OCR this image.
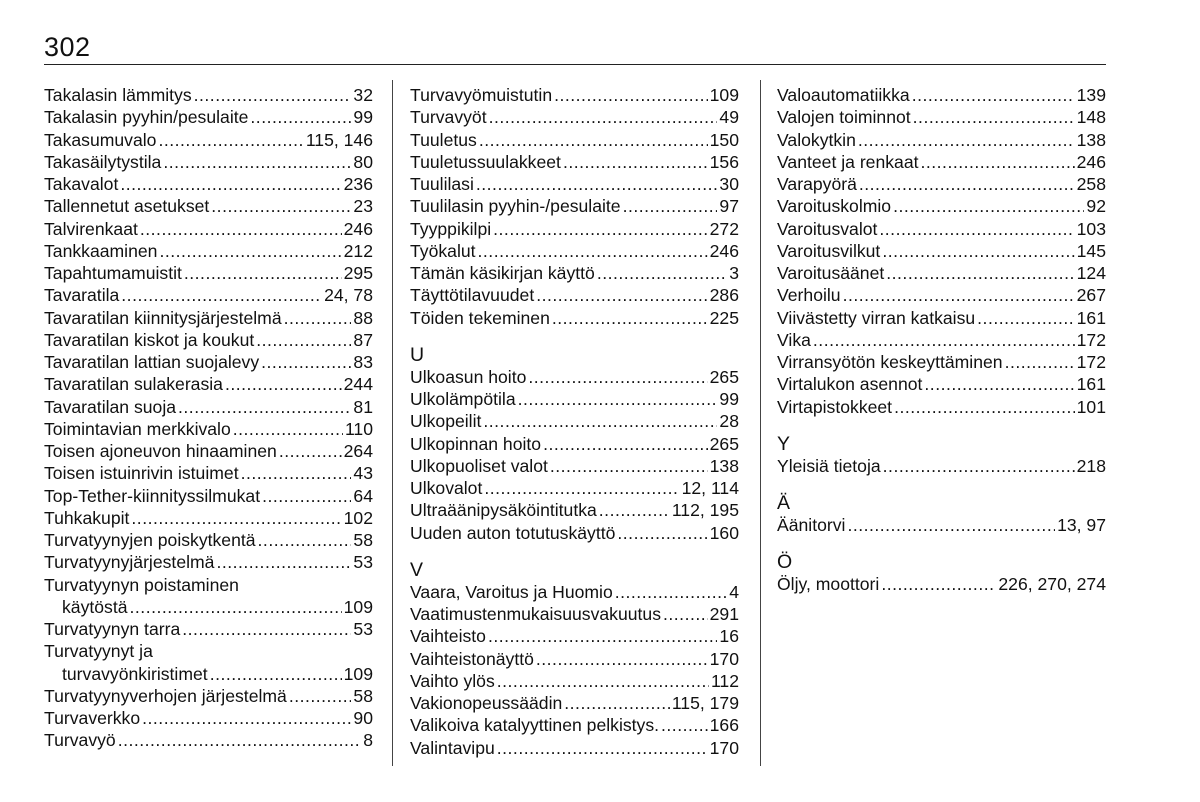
302
Takalasin lämmitys .....	32
Takalasin pyyhin/pesulaite .....	99
Takasumuvalo .....	115, 146
Takasäilytystila .....	80
Takavalot .....	236
Tallennetut asetukset .....	23
Talvirenkaat .....	246
Tankkaaminen .....	212
Tapahtumamuistit .....	295
Tavaratila .....	24, 78
Tavaratilan kiinnitysjärjestelmä .....	88
Tavaratilan kiskot ja koukut .....	87
Tavaratilan lattian suojalevy .....	83
Tavaratilan sulakerasia .....	244
Tavaratilan suoja .....	81
Toimintavian merkkivalo .....	110
Toisen ajoneuvon hinaaminen .....	264
Toisen istuinrivin istuimet .....	43
Top-Tether-kiinnityssilmukat .....	64
Tuhkakupit .....	102
Turvatyynyjen poiskytkentä .....	58
Turvatyynyjärjestelmä .....	53
Turvatyynyn poistaminen
käytöstä .....	109
Turvatyynyn tarra .....	53
Turvatyynyt ja
turvavyönkiristimet .....	109
Turvatyynyverhojen järjestelmä .....	58
Turvaverkko .....	90
Turvavyö .....	8
Turvavyömuistutin .....	109
Turvavyöt .....	49
Tuuletus .....	150
Tuuletussuulakkeet .....	156
Tuulilasi .....	30
Tuulilasin pyyhin-/pesulaite .....	97
Tyyppikilpi .....	272
Työkalut .....	246
Tämän käsikirjan käyttö .....	3
Täyttötilavuudet .....	286
Töiden tekeminen .....	225
U
Ulkoasun hoito .....	265
Ulkolämpötila .....	99
Ulkopeilit .....	28
Ulkopinnan hoito .....	265
Ulkopuoliset valot .....	138
Ulkovalot .....	12, 114
Ultraäänipysäköintitutka .....	112, 195
Uuden auton totutuskäyttö .....	160
V
Vaara, Varoitus ja Huomio .....	4
Vaatimustenmukaisuusvakuutus .....	291
Vaihteisto .....	16
Vaihteistonäyttö .....	170
Vaihto ylös .....	112
Vakionopeussäädin .....	115, 179
Valikoiva katalyyttinen pelkistys. .....	166
Valintavipu .....	170
Valoautomatiikka .....	139
Valojen toiminnot .....	148
Valokytkin .....	138
Vanteet ja renkaat .....	246
Varapyörä .....	258
Varoituskolmio .....	92
Varoitusvalot .....	103
Varoitusvilkut .....	145
Varoitusäänet .....	124
Verhoilu .....	267
Viivästetty virran katkaisu .....	161
Vika .....	172
Virransyötön keskeyttäminen .....	172
Virtalukon asennot .....	161
Virtapistokkeet .....	101
Y
Yleisiä tietoja .....	218
Ä
Äänitorvi .....	13, 97
Ö
Öljy, moottori .....	226, 270, 274
